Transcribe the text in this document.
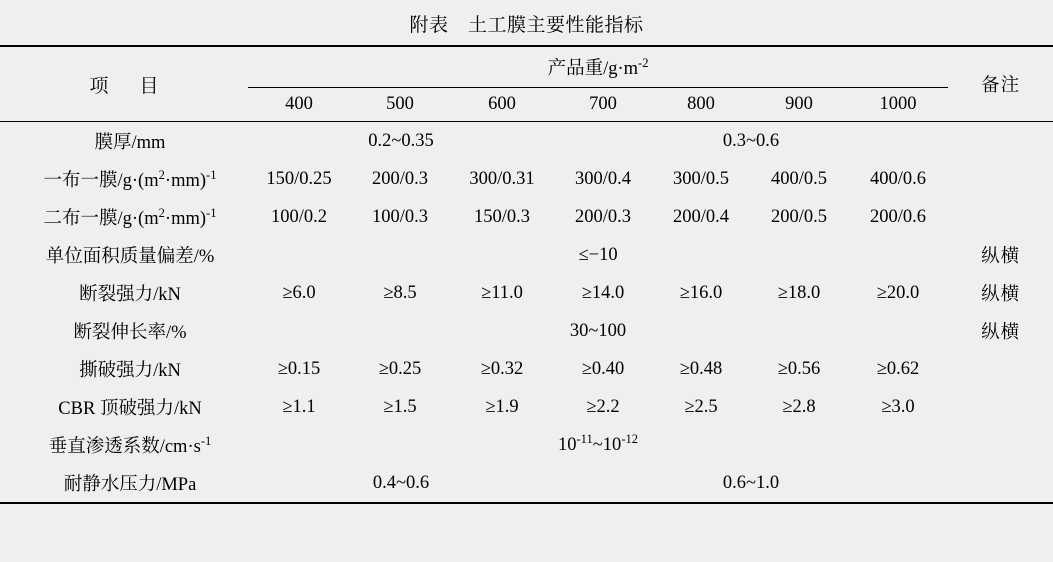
附表　土工膜主要性能指标
项　目	产品重$/g\cdot m^{-2}$							备注
	400	500	600	700	800	900	1000	
膜厚/mm	0.2~0.35			0.3~0.6				
一布一膜$/g\cdot(m^2\cdot mm)^{-1}$	150/0.25	200/0.3	300/0.31	300/0.4	300/0.5	400/0.5	400/0.6	
二布一膜$/g\cdot(m^2\cdot mm)^{-1}$	100/0.2	100/0.3	150/0.3	200/0.3	200/0.4	200/0.5	200/0.6	
单位面积质量偏差/%	≤−10							纵横
断裂强力/kN	≥6.0	≥8.5	≥11.0	≥14.0	≥16.0	≥18.0	≥20.0	纵横
断裂伸长率/%	30~100							纵横
撕破强力/kN	≥0.15	≥0.25	≥0.32	≥0.40	≥0.48	≥0.56	≥0.62	
CBR 顶破强力/kN	≥1.1	≥1.5	≥1.9	≥2.2	≥2.5	≥2.8	≥3.0	
垂直渗透系数$/cm\cdot s^{-1}$	$10^{-11}\sim 10^{-12}$	
耐静水压力/MPa	0.4~0.6			0.6~1.0				
